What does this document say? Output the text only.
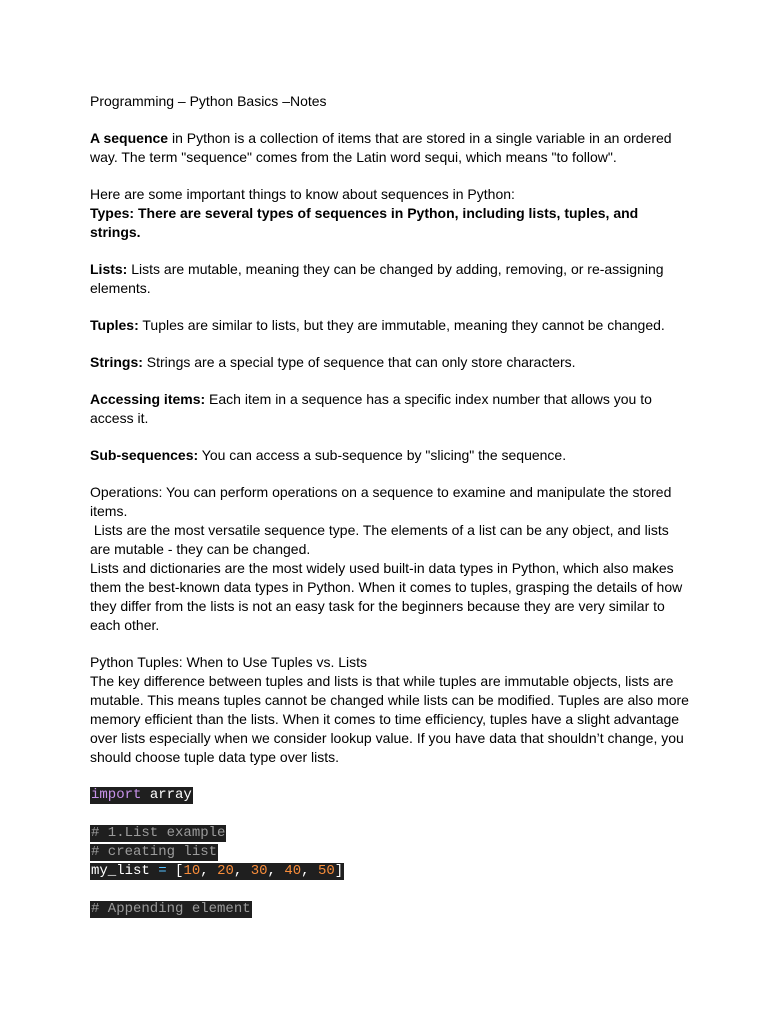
Programming – Python Basics –Notes

A sequence in Python is a collection of items that are stored in a single variable in an ordered way. The term "sequence" comes from the Latin word sequi, which means "to follow".

Here are some important things to know about sequences in Python:

Types: There are several types of sequences in Python, including lists, tuples, and strings.

Lists: Lists are mutable, meaning they can be changed by adding, removing, or re-assigning elements.

Tuples: Tuples are similar to lists, but they are immutable, meaning they cannot be changed.

Strings: Strings are a special type of sequence that can only store characters.

Accessing items: Each item in a sequence has a specific index number that allows you to access it.

Sub-sequences: You can access a sub-sequence by "slicing" the sequence.

Operations: You can perform operations on a sequence to examine and manipulate the stored items.

Lists are the most versatile sequence type. The elements of a list can be any object, and lists are mutable - they can be changed.

Lists and dictionaries are the most widely used built-in data types in Python, which also makes them the best-known data types in Python. When it comes to tuples, grasping the details of how they differ from the lists is not an easy task for the beginners because they are very similar to each other.

Python Tuples: When to Use Tuples vs. Lists

The key difference between tuples and lists is that while tuples are immutable objects, lists are mutable. This means tuples cannot be changed while lists can be modified. Tuples are also more memory efficient than the lists. When it comes to time efficiency, tuples have a slight advantage over lists especially when we consider lookup value. If you have data that shouldn’t change, you should choose tuple data type over lists.

import array
# 1.List example
# creating list
my_list = [10, 20, 30, 40, 50]
# Appending element
